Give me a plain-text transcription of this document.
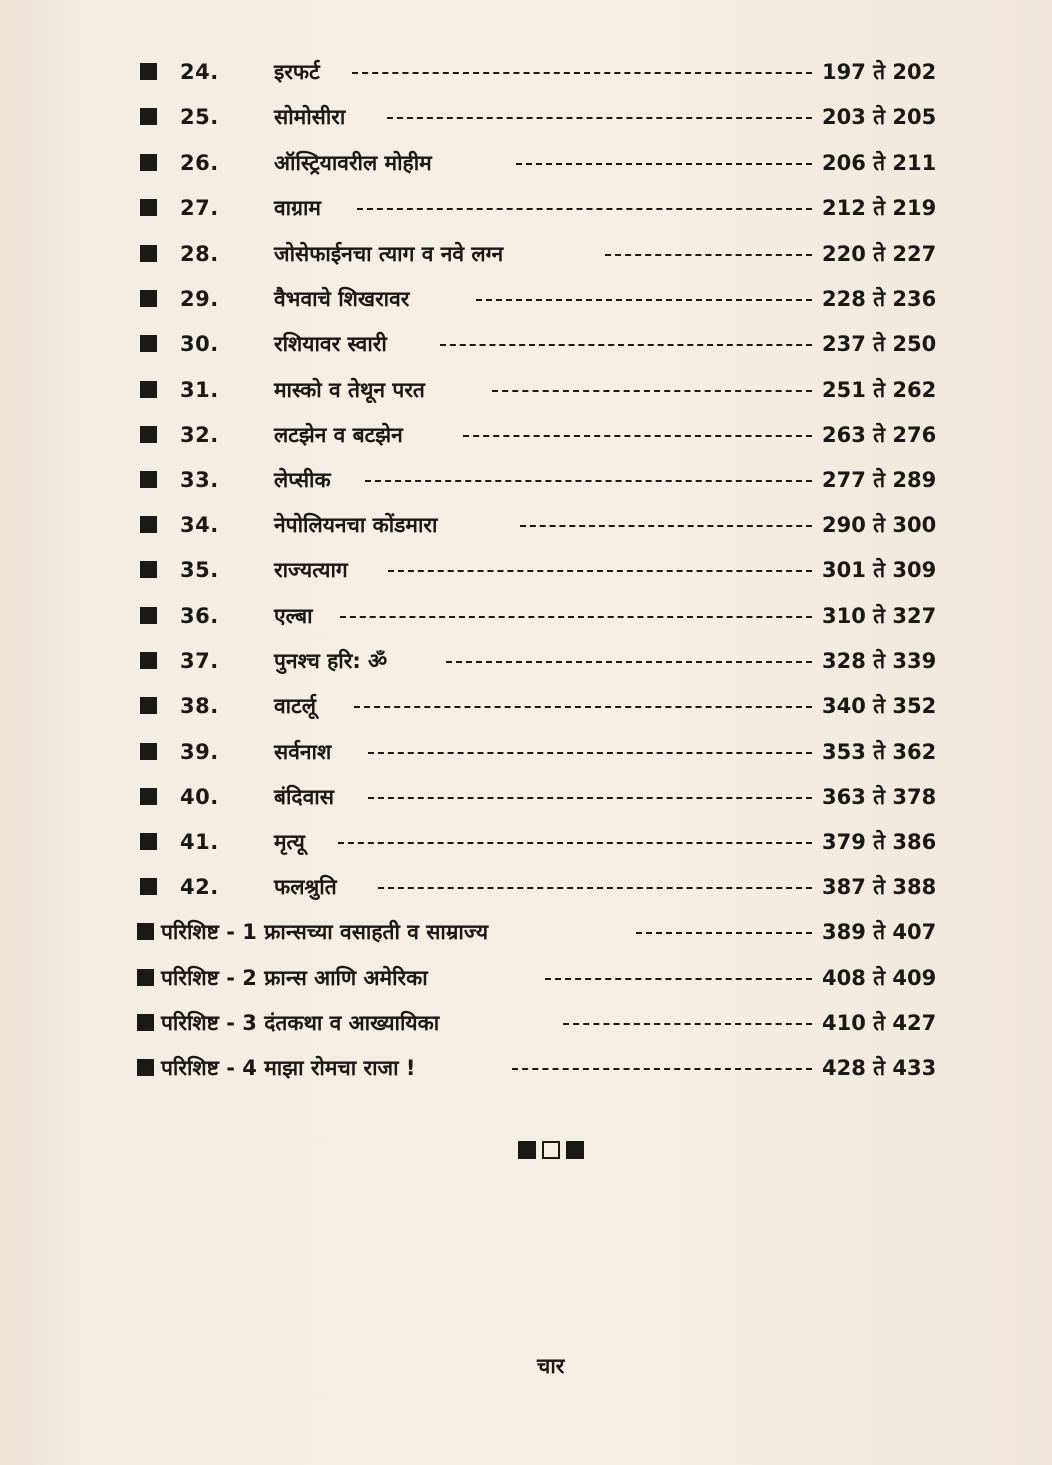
24.	इरफर्ट	197 ते 202
25.	सोमोसीरा	203 ते 205
26.	ऑस्ट्रियावरील मोहीम	206 ते 211
27.	वाग्राम	212 ते 219
28.	जोसेफाईनचा त्याग व नवे लग्न	220 ते 227
29.	वैभवाचे शिखरावर	228 ते 236
30.	रशियावर स्वारी	237 ते 250
31.	मास्को व तेथून परत	251 ते 262
32.	लटझेन व बटझेन	263 ते 276
33.	लेप्सीक	277 ते 289
34.	नेपोलियनचा कोंडमारा	290 ते 300
35.	राज्यत्याग	301 ते 309
36.	एल्बा	310 ते 327
37.	पुनश्च हरि: ॐ	328 ते 339
38.	वाटर्लू	340 ते 352
39.	सर्वनाश	353 ते 362
40.	बंदिवास	363 ते 378
41.	मृत्यू	379 ते 386
42.	फलश्रुति	387 ते 388
परिशिष्ट - 1 फ्रान्सच्या वसाहती व साम्राज्य	389 ते 407
परिशिष्ट - 2 फ्रान्स आणि अमेरिका	408 ते 409
परिशिष्ट - 3 दंतकथा व आख्यायिका	410 ते 427
परिशिष्ट - 4 माझा रोमचा राजा !	428 ते 433

चार
